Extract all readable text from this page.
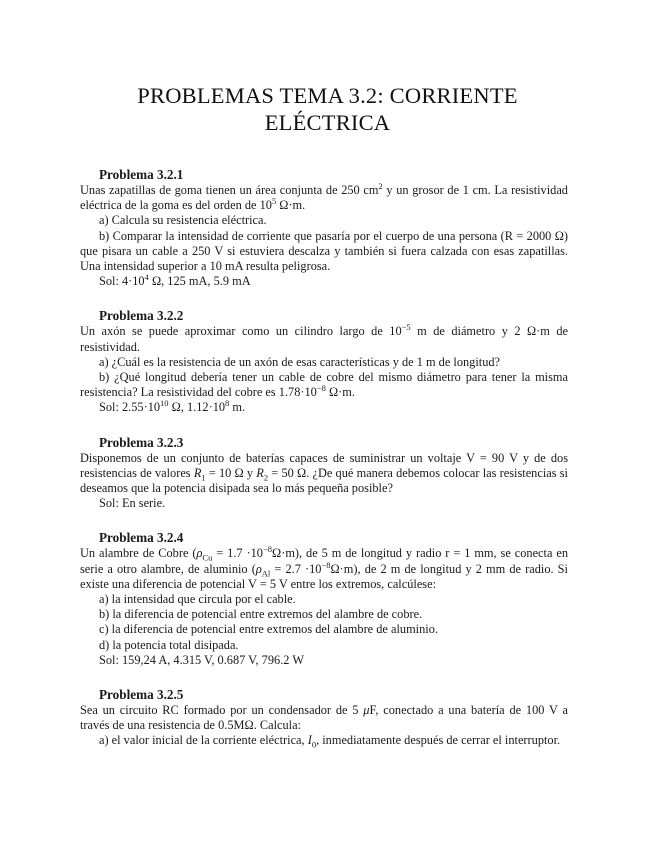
PROBLEMAS TEMA 3.2: CORRIENTE
ELÉCTRICA
Problema 3.2.1

Unas zapatillas de goma tienen un área conjunta de 250 $cm^2$ y un grosor de 1 cm. La resistividad eléctrica de la goma es del orden de $10^5$ Ω·m.

a) Calcula su resistencia eléctrica.

b) Comparar la intensidad de corriente que pasaría por el cuerpo de una persona (R = 2000 Ω) que pisara un cable a 250 V si estuviera descalza y también si fuera calzada con esas zapatillas. Una intensidad superior a 10 mA resulta peligrosa.

Sol: $4\cdot 10^4$ Ω, 125 mA, 5.9 mA

Problema 3.2.2

Un axón se puede aproximar como un cilindro largo de $10^{-5}$ m de diámetro y 2 Ω·m de resistividad.

a) ¿Cuál es la resistencia de un axón de esas características y de 1 m de longitud?

b) ¿Qué longitud debería tener un cable de cobre del mismo diámetro para tener la misma resistencia? La resistividad del cobre es $1.78\cdot 10^{-8}$ Ω·m.

Sol: $2.55\cdot 10^{10}$ Ω, $1.12\cdot 10^8$ m.

Problema 3.2.3

Disponemos de un conjunto de baterías capaces de suministrar un voltaje V = 90 V y de dos resistencias de valores $R_1 = 10$ Ω y $R_2 = 50$ Ω. ¿De qué manera debemos colocar las resistencias si deseamos que la potencia disipada sea lo más pequeña posible?

Sol: En serie.

Problema 3.2.4

Un alambre de Cobre $(\rho_{Cu} = 1.7 \cdot 10^{-8}\Omega\cdot m)$, de 5 m de longitud y radio r = 1 mm, se conecta en serie a otro alambre, de aluminio $(\rho_{Al} = 2.7 \cdot 10^{-8}\Omega\cdot m)$, de 2 m de longitud y 2 mm de radio. Si existe una diferencia de potencial V = 5 V entre los extremos, calcúlese:

a) la intensidad que circula por el cable.

b) la diferencia de potencial entre extremos del alambre de cobre.

c) la diferencia de potencial entre extremos del alambre de aluminio.

d) la potencia total disipada.

Sol: 159,24 A, 4.315 V, 0.687 V, 796.2 W

Problema 3.2.5

Sea un circuito RC formado por un condensador de 5 μF, conectado a una batería de 100 V a través de una resistencia de 0.5MΩ. Calcula:

a) el valor inicial de la corriente eléctrica, $I_0$, inmediatamente después de cerrar el interruptor.
